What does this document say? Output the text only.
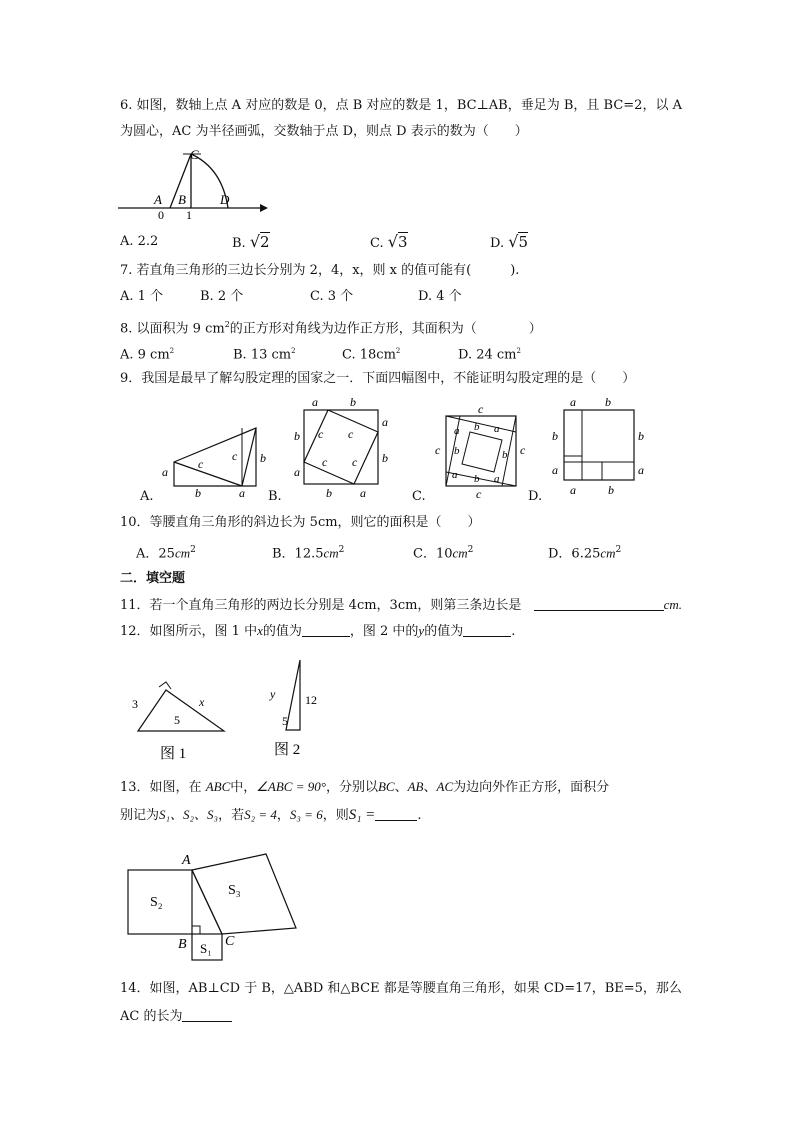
6. 如图，数轴上点 A 对应的数是 0，点 B 对应的数是 1，BC⊥AB，垂足为 B，且 BC=2，以 A
为圆心，AC 为半径画弧，交数轴于点 D，则点 D 表示的数为（　　）
C
A B	D
0 1
A. 2.2	B. √2	C. √3	D. √5
7. 若直角三角形的三边长分别为 2，4，x，则 x 的值可能有(　　　).
A. 1 个	B. 2 个	C. 3 个	D. 4 个
8. 以面积为 9 $cm^2$的正方形对角线为边作正方形，其面积为（　　　　）
A. 9 $cm^2$	B. 13 $cm^2$	C. $18cm^2$	D. 24 $cm^2$
9．我国是最早了解勾股定理的国家之一．下面四幅图中，不能证明勾股定理的是（　　）
a
c
c b
b	a
A.
a	b
b
a
a
b
b a
c c
c c
B.
c
c	c
c
a b a
b	b
a b a
C.
a b
b
a
b
a
a	b
D.
10．等腰直角三角形的斜边长为 5cm，则它的面积是（　　）
A．$25cm^2$	B．$12.5cm^2$	C．$10cm^2$	D．$6.25cm^2$
二．填空题
11．若一个直角三角形的两边长分别是 4cm，3cm，则第三条边长是	cm.
12．如图所示，图 1 中x的值为	，图 2 中的y的值为	.
3	x
5
图 1
y 12
5
图 2
13．如图，在 ABC中，∠ABC = 90°，分别以BC、AB、AC为边向外作正方形，面积分
别记为S₁、S₂、S₃，若S₂ = 4，S₃ = 6，则S₁ =	.
A
B	C
S₂
S₃
S₁
14．如图，AB⊥CD 于 B，△ABD 和△BCE 都是等腰直角三角形，如果 CD=17，BE=5，那么
AC 的长为
